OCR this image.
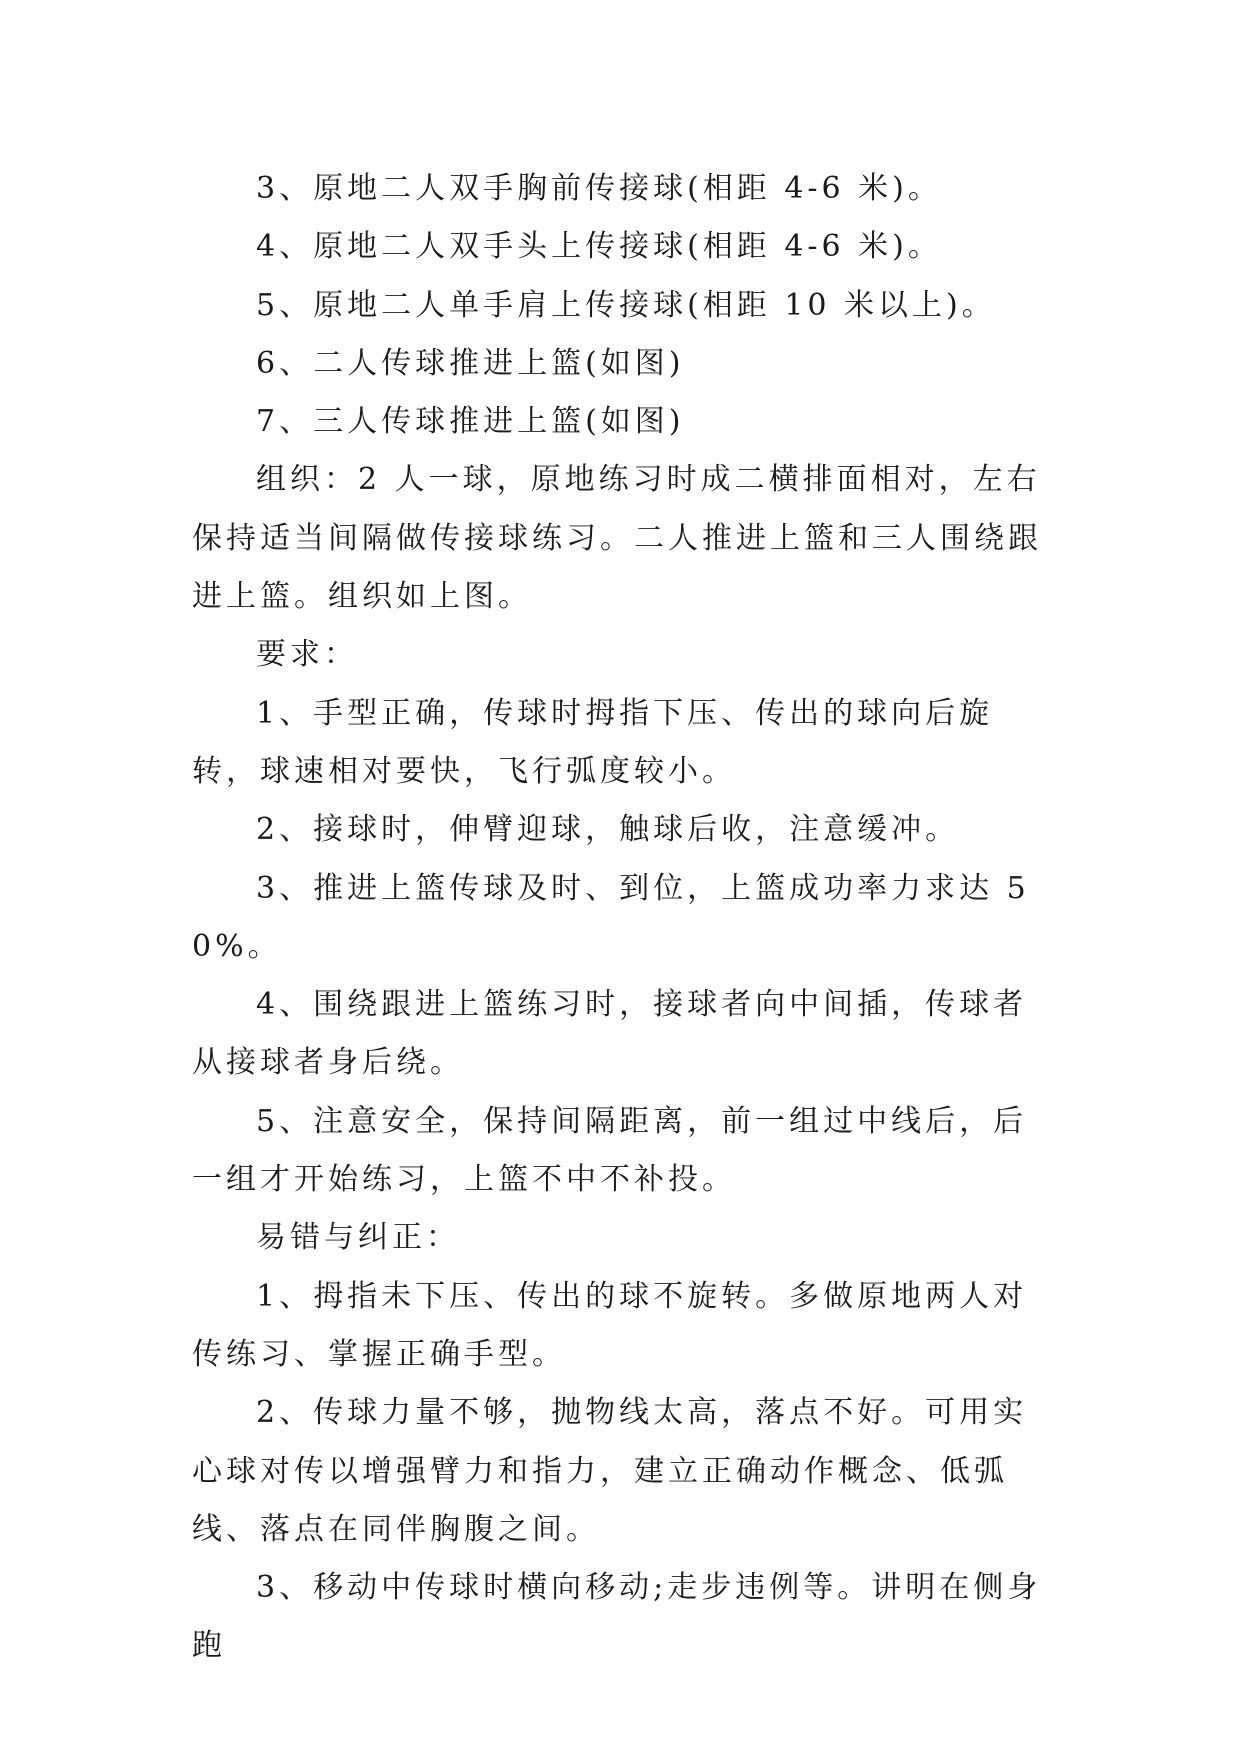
3、原地二人双手胸前传接球(相距 4-6 米)。

4、原地二人双手头上传接球(相距 4-6 米)。

5、原地二人单手肩上传接球(相距 10 米以上)。

6、二人传球推进上篮(如图)

7、三人传球推进上篮(如图)

组织：2 人一球，原地练习时成二横排面相对，左右保持适当间隔做传接球练习。二人推进上篮和三人围绕跟进上篮。组织如上图。

要求：

1、手型正确，传球时拇指下压、传出的球向后旋转，球速相对要快，飞行弧度较小。

2、接球时，伸臂迎球，触球后收，注意缓冲。

3、推进上篮传球及时、到位，上篮成功率力求达 50%。

4、围绕跟进上篮练习时，接球者向中间插，传球者从接球者身后绕。

5、注意安全，保持间隔距离，前一组过中线后，后一组才开始练习，上篮不中不补投。

易错与纠正：

1、拇指未下压、传出的球不旋转。多做原地两人对传练习、掌握正确手型。

2、传球力量不够，抛物线太高，落点不好。可用实心球对传以增强臂力和指力，建立正确动作概念、低弧线、落点在同伴胸腹之间。

3、移动中传球时横向移动;走步违例等。讲明在侧身跑
